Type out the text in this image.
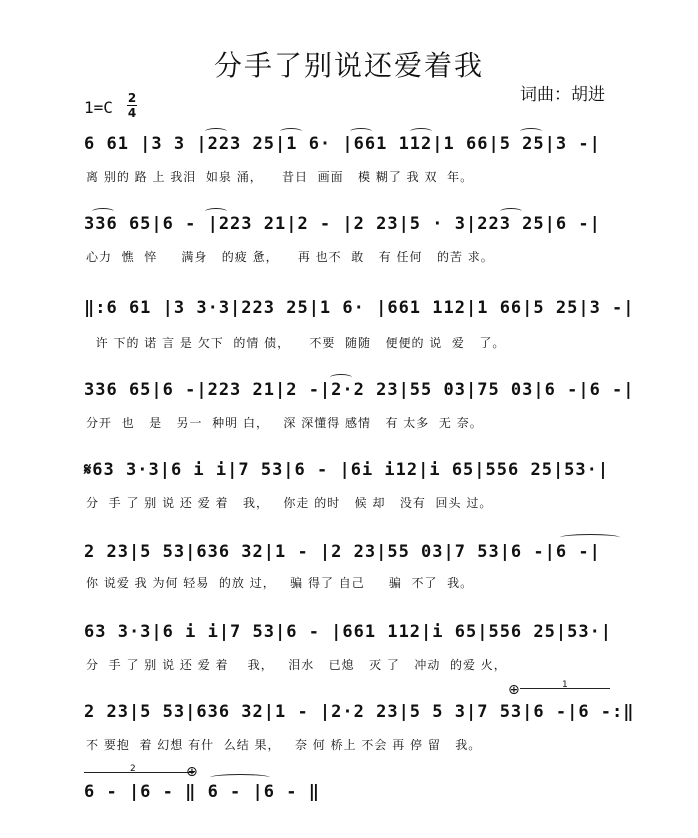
分手了别说还爱着我
词曲：胡进
1=C 2
4
6 61 |3 3 |223 25|1 6· |661 112|1 66|5 25|3 -|
离 别的 路 上 我泪  如泉 涌，    昔日  画面   模 糊了 我 双  年。
336 65|6 - |223 21|2 - |2 23|5 · 3|223 25|6 -|
心力  憔  悴     满身   的疲 惫，    再 也不  敢   有 任何   的苦 求。
‖:6 61 |3 3·3|223 25|1 6· |661 112|1 66|5 25|3 -|
许 下的 诺 言 是 欠下  的情 债，    不要  随随   便便的 说  爱   了。
336 65|6 -|223 21|2 -|2·2 23|55 03|75 03|6 -|6 -|
分开  也   是   另一  种明 白，   深 深懂得 感情   有 太多  无 奈。
𝄋63 3·3|6 i i|7 53|6 - |6i i12|i 65|556 25|53·|
分  手 了 别 说 还 爱 着   我，   你走 的时   候 却   没有  回头 过。
2 23|5 53|636 32|1 - |2 23|55 03|7 53|6 -|6 -|
你 说爱 我 为何 轻易  的放 过，   骗 得了 自己     骗  不了  我。
63 3·3|6 i i|7 53|6 - |661 112|i 65|556 25|53·|
分  手 了 别 说 还 爱 着    我，   泪水   已熄   灭 了   冲动  的爱 火，
2 23|5 53|636 32|1 - |2·2 23|5 5 3|7 53|6 -|6 -:‖
不 要抱  着 幻想 有什  么结 果，   奈 何 桥上 不会 再 停 留   我。
6 - |6 - ‖ 6 - |6 - ‖
1
⊕
2	⊕
